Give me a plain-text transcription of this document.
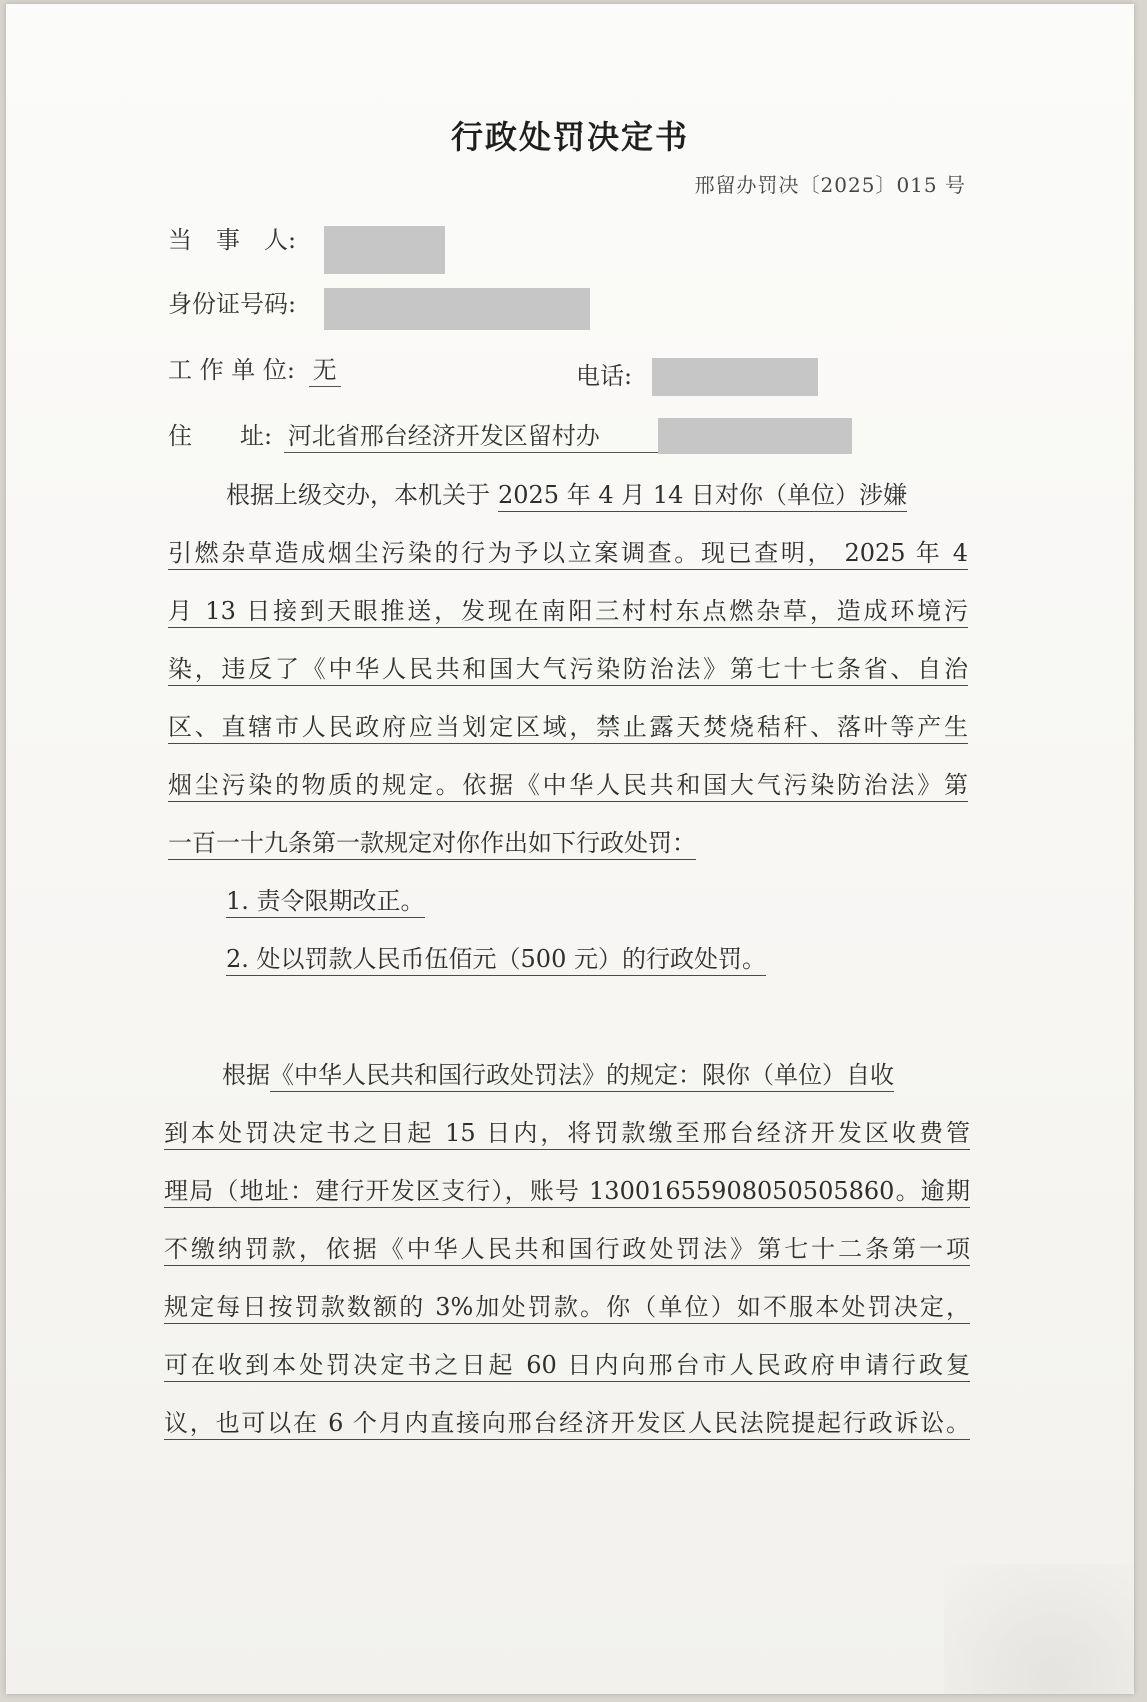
行政处罚决定书
邢留办罚决〔2025〕015 号
当　事　人:
身份证号码:
工 作 单 位: 无	电话:
住　　址: 河北省邢台经济开发区留村办
根据上级交办，本机关于 2025 年 4 月 14 日对你（单位）涉嫌
引燃杂草造成烟尘污染的行为予以立案调查。现已查明， 2025 年 4
月 13 日接到天眼推送，发现在南阳三村村东点燃杂草，造成环境污
染，违反了《中华人民共和国大气污染防治法》第七十七条省、自治
区、直辖市人民政府应当划定区域，禁止露天焚烧秸秆、落叶等产生
烟尘污染的物质的规定。依据《中华人民共和国大气污染防治法》第
一百一十九条第一款规定对你作出如下行政处罚：
1. 责令限期改正。
2. 处以罚款人民币伍佰元（500 元）的行政处罚。
根据《中华人民共和国行政处罚法》的规定：限你（单位）自收
到本处罚决定书之日起 15 日内，将罚款缴至邢台经济开发区收费管
理局（地址：建行开发区支行），账号 13001655908050505860。逾期
不缴纳罚款，依据《中华人民共和国行政处罚法》第七十二条第一项
规定每日按罚款数额的 3%加处罚款。你（单位）如不服本处罚决定，
可在收到本处罚决定书之日起 60 日内向邢台市人民政府申请行政复
议，也可以在 6 个月内直接向邢台经济开发区人民法院提起行政诉讼。
